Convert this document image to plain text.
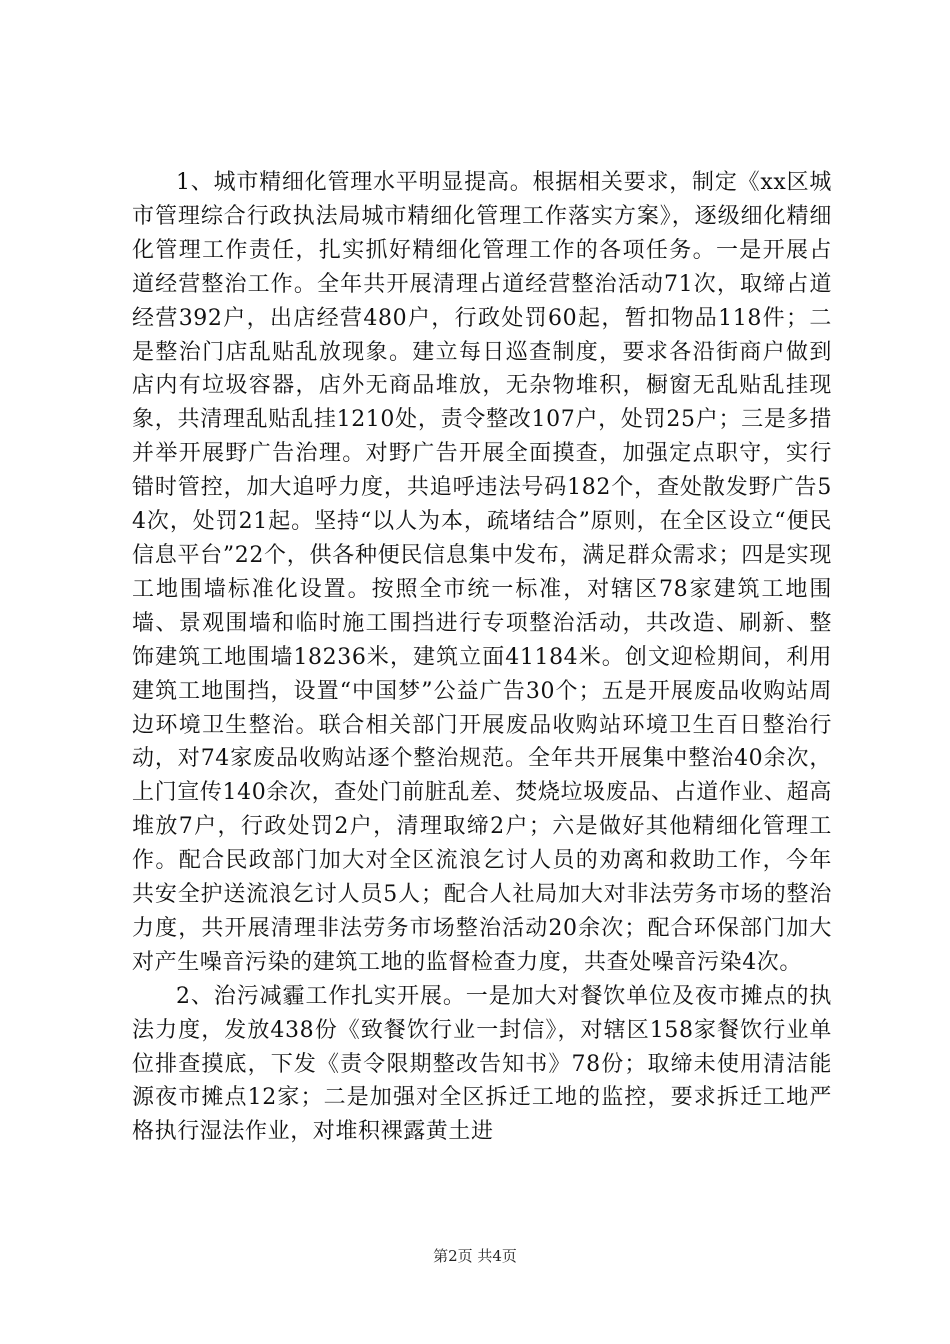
1、城市精细化管理水平明显提高。根据相关要求，制定《xx区城市管理综合行政执法局城市精细化管理工作落实方案》，逐级细化精细化管理工作责任，扎实抓好精细化管理工作的各项任务。一是开展占道经营整治工作。全年共开展清理占道经营整治活动71次，取缔占道经营392户，出店经营480户，行政处罚60起，暂扣物品118件；二是整治门店乱贴乱放现象。建立每日巡查制度，要求各沿街商户做到店内有垃圾容器，店外无商品堆放，无杂物堆积，橱窗无乱贴乱挂现象，共清理乱贴乱挂1210处，责令整改107户，处罚25户；三是多措并举开展野广告治理。对野广告开展全面摸查，加强定点职守，实行错时管控，加大追呼力度，共追呼违法号码182个，查处散发野广告54次，处罚21起。坚持“以人为本，疏堵结合”原则，在全区设立“便民信息平台”22个，供各种便民信息集中发布，满足群众需求；四是实现工地围墙标准化设置。按照全市统一标准，对辖区78家建筑工地围墙、景观围墙和临时施工围挡进行专项整治活动，共改造、刷新、整饰建筑工地围墙18236米，建筑立面41184米。创文迎检期间，利用建筑工地围挡，设置“中国梦”公益广告30个；五是开展废品收购站周边环境卫生整治。联合相关部门开展废品收购站环境卫生百日整治行动，对74家废品收购站逐个整治规范。全年共开展集中整治40余次，上门宣传140余次，查处门前脏乱差、焚烧垃圾废品、占道作业、超高堆放7户，行政处罚2户，清理取缔2户；六是做好其他精细化管理工作。配合民政部门加大对全区流浪乞讨人员的劝离和救助工作，今年共安全护送流浪乞讨人员5人；配合人社局加大对非法劳务市场的整治力度，共开展清理非法劳务市场整治活动20余次；配合环保部门加大对产生噪音污染的建筑工地的监督检查力度，共查处噪音污染4次。

2、治污减霾工作扎实开展。一是加大对餐饮单位及夜市摊点的执法力度，发放438份《致餐饮行业一封信》，对辖区158家餐饮行业单位排查摸底，下发《责令限期整改告知书》78份；取缔未使用清洁能源夜市摊点12家；二是加强对全区拆迁工地的监控，要求拆迁工地严格执行湿法作业，对堆积裸露黄土进

第2页 共4页
